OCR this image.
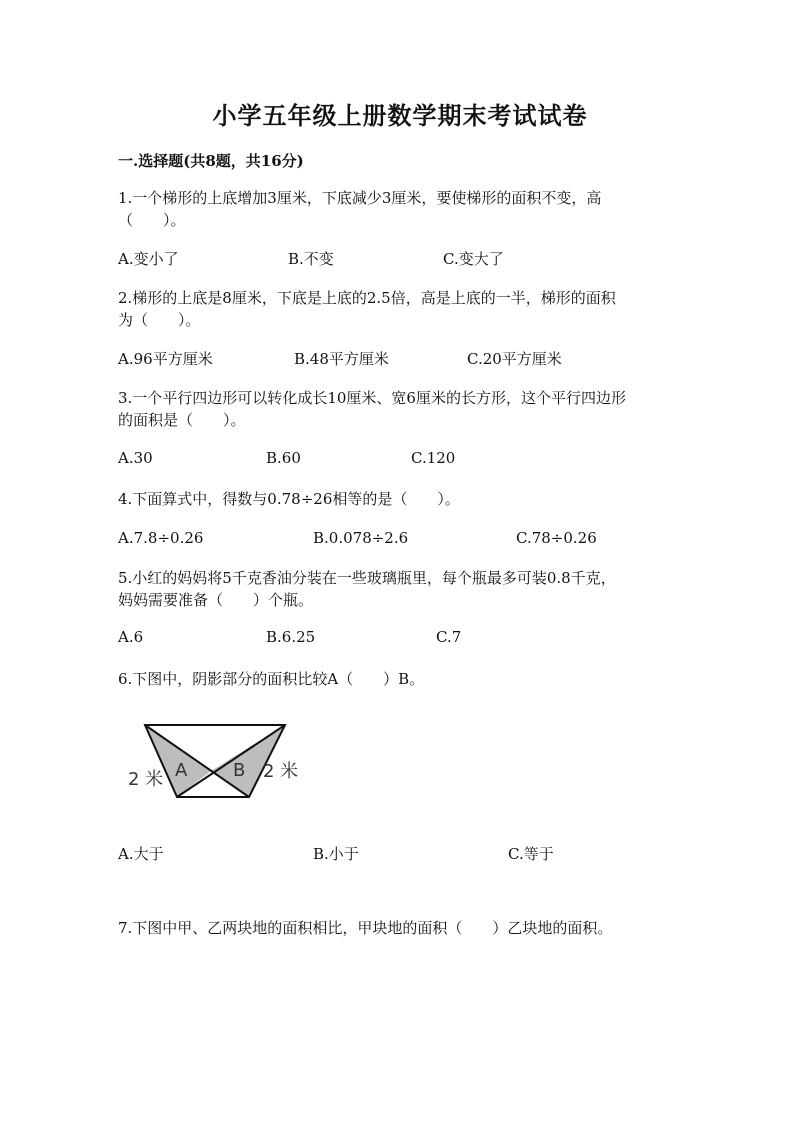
小学五年级上册数学期末考试试卷
一.选择题(共8题，共16分)
1.一个梯形的上底增加3厘米，下底减少3厘米，要使梯形的面积不变，高
（　　）。
A.变小了	B.不变	C.变大了
2.梯形的上底是8厘米，下底是上底的2.5倍，高是上底的一半，梯形的面积
为（　　）。
A.96平方厘米	B.48平方厘米	C.20平方厘米
3.一个平行四边形可以转化成长10厘米、宽6厘米的长方形，这个平行四边形
的面积是（　　）。
A.30	B.60	C.120
4.下面算式中，得数与0.78÷26相等的是（　　）。
A.7.8÷0.26	B.0.078÷2.6	C.78÷0.26
5.小红的妈妈将5千克香油分装在一些玻璃瓶里，每个瓶最多可装0.8千克，
妈妈需要准备（　　）个瓶。
A.6	B.6.25	C.7
6.下图中，阴影部分的面积比较A（　　）B。
A	B
2 米	2 米
A.大于	B.小于	C.等于
7.下图中甲、乙两块地的面积相比，甲块地的面积（　　）乙块地的面积。
